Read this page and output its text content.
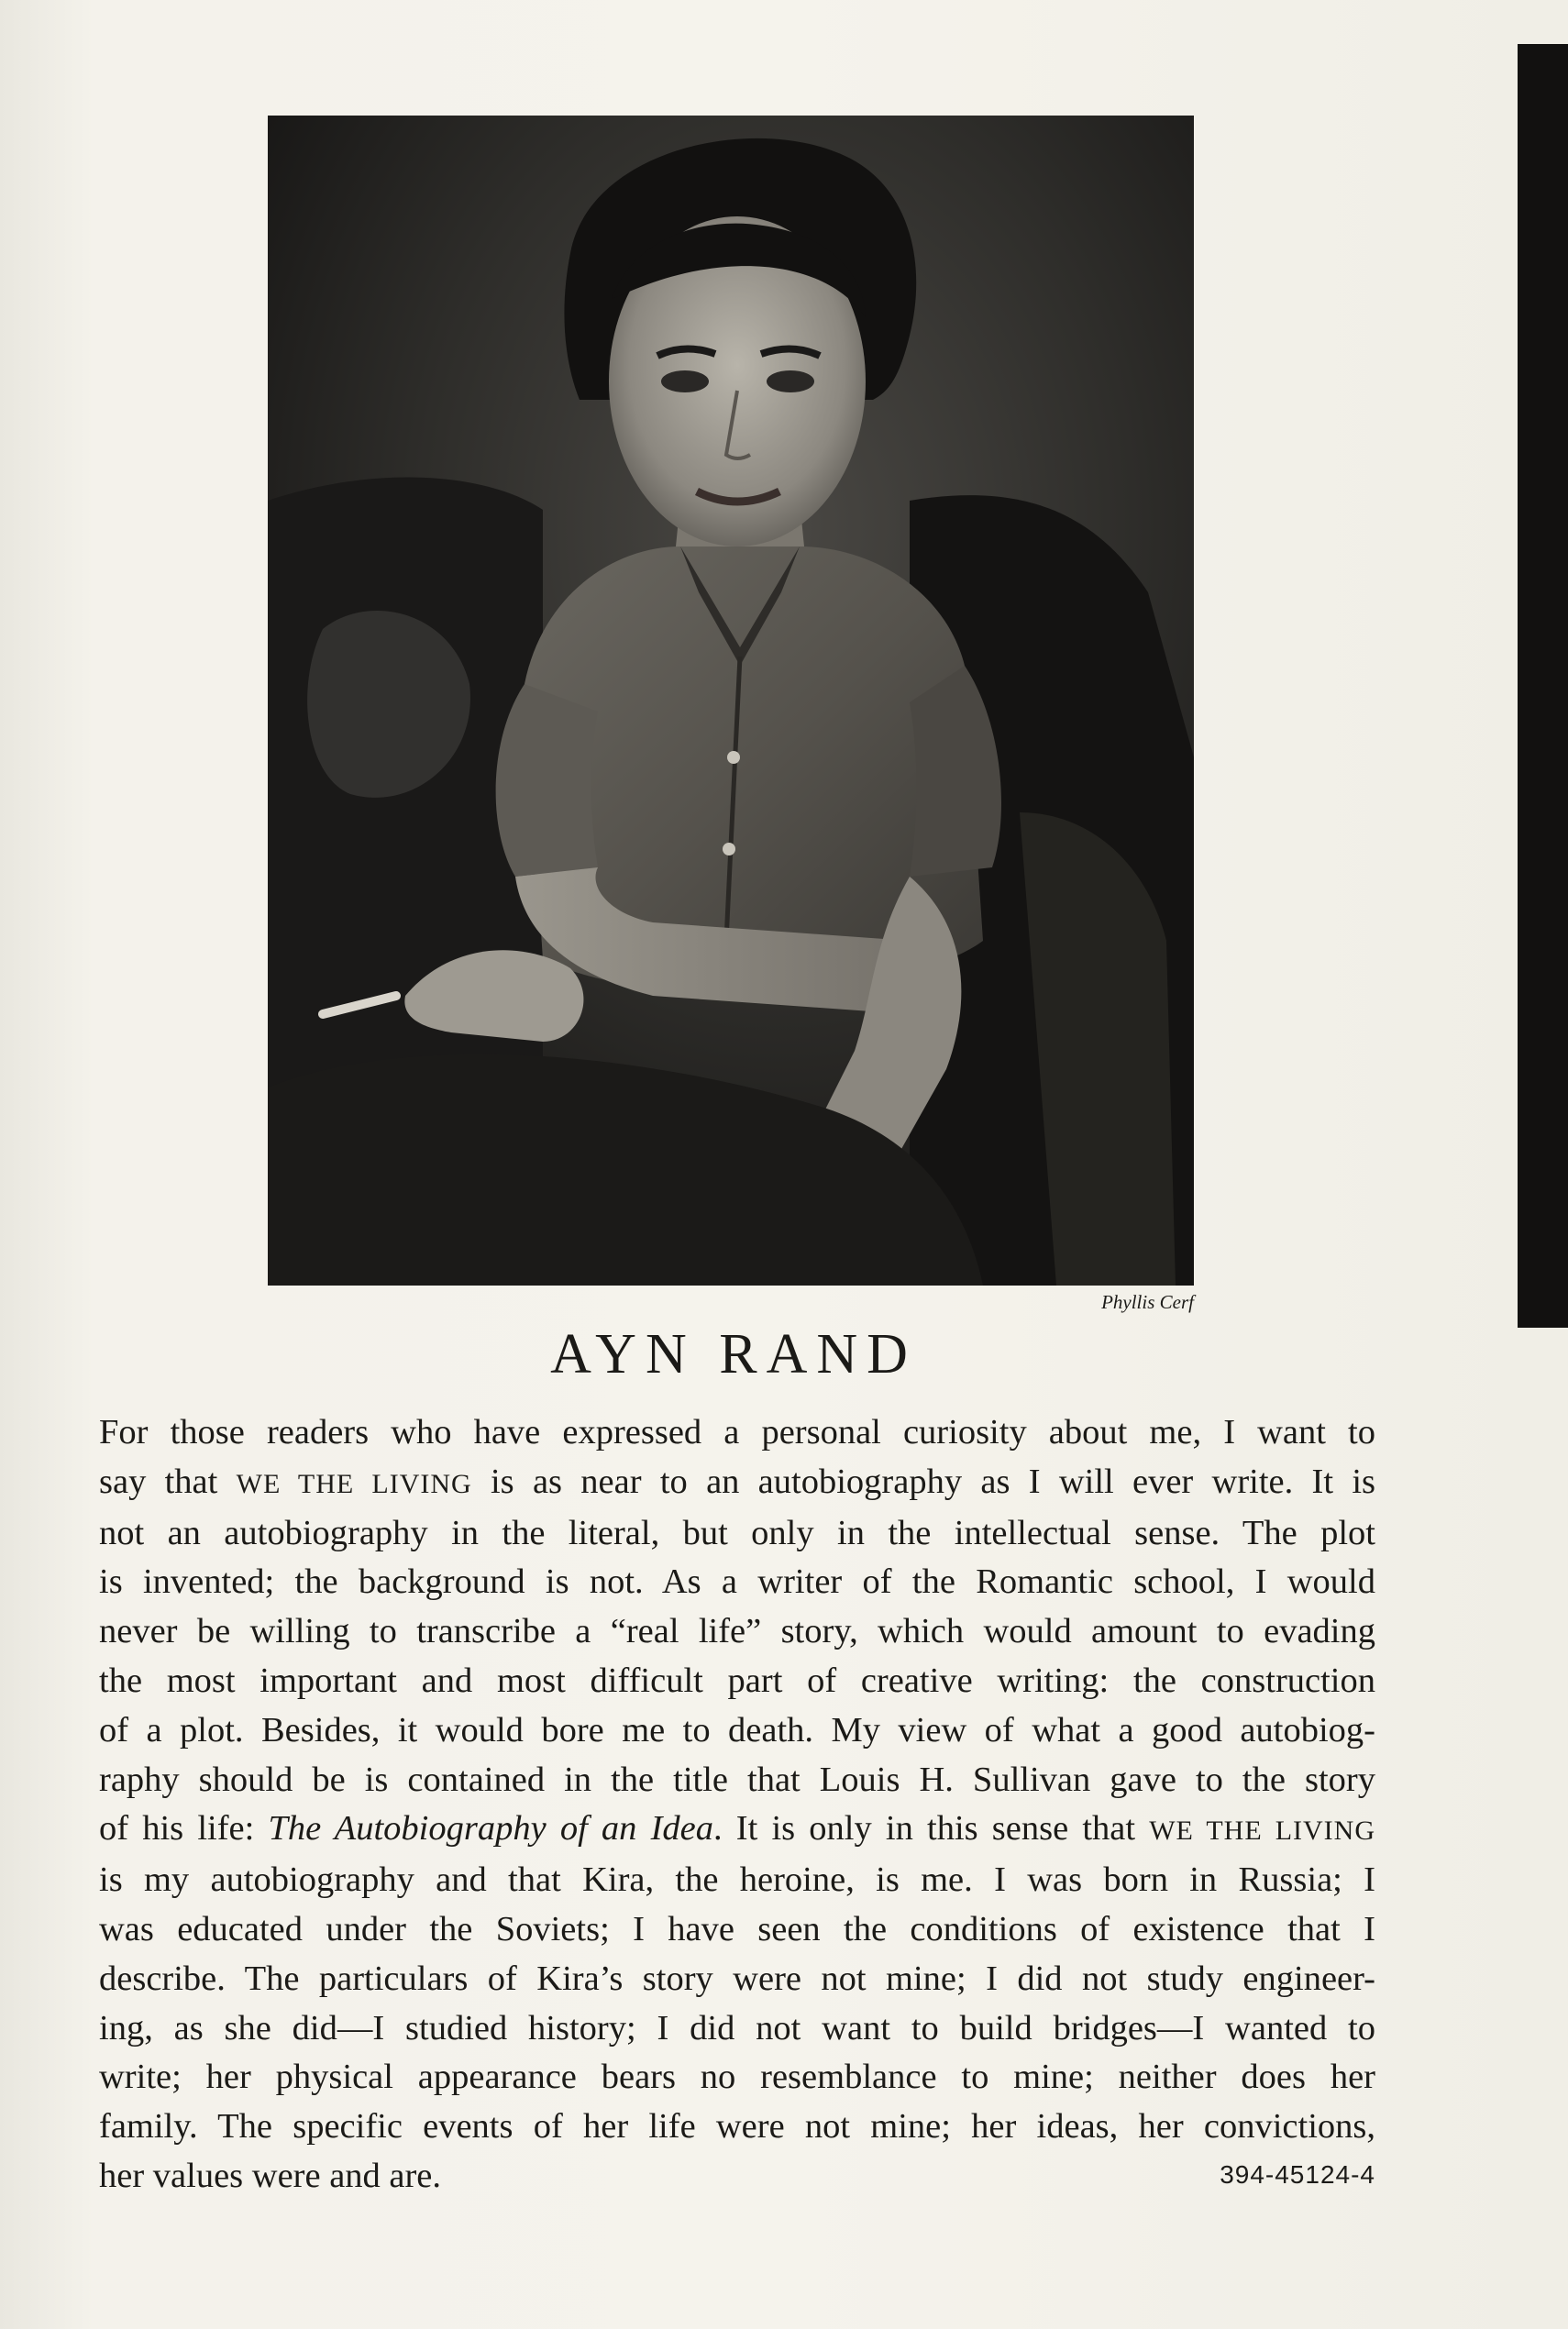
Phyllis Cerf
AYN RAND
For those readers who have expressed a personal curiosity about me, I want to
say that WE THE LIVING is as near to an autobiography as I will ever write. It is
not an autobiography in the literal, but only in the intellectual sense. The plot
is invented; the background is not. As a writer of the Romantic school, I would
never be willing to transcribe a “real life” story, which would amount to evading
the most important and most difficult part of creative writing: the construction
of a plot. Besides, it would bore me to death. My view of what a good autobiog-
raphy should be is contained in the title that Louis H. Sullivan gave to the story
of his life: The Autobiography of an Idea. It is only in this sense that WE THE LIVING
is my autobiography and that Kira, the heroine, is me. I was born in Russia; I
was educated under the Soviets; I have seen the conditions of existence that I
describe. The particulars of Kira’s story were not mine; I did not study engineer-
ing, as she did—I studied history; I did not want to build bridges—I wanted to
write; her physical appearance bears no resemblance to mine; neither does her
family. The specific events of her life were not mine; her ideas, her convictions,
her values were and are.	394-45124-4
